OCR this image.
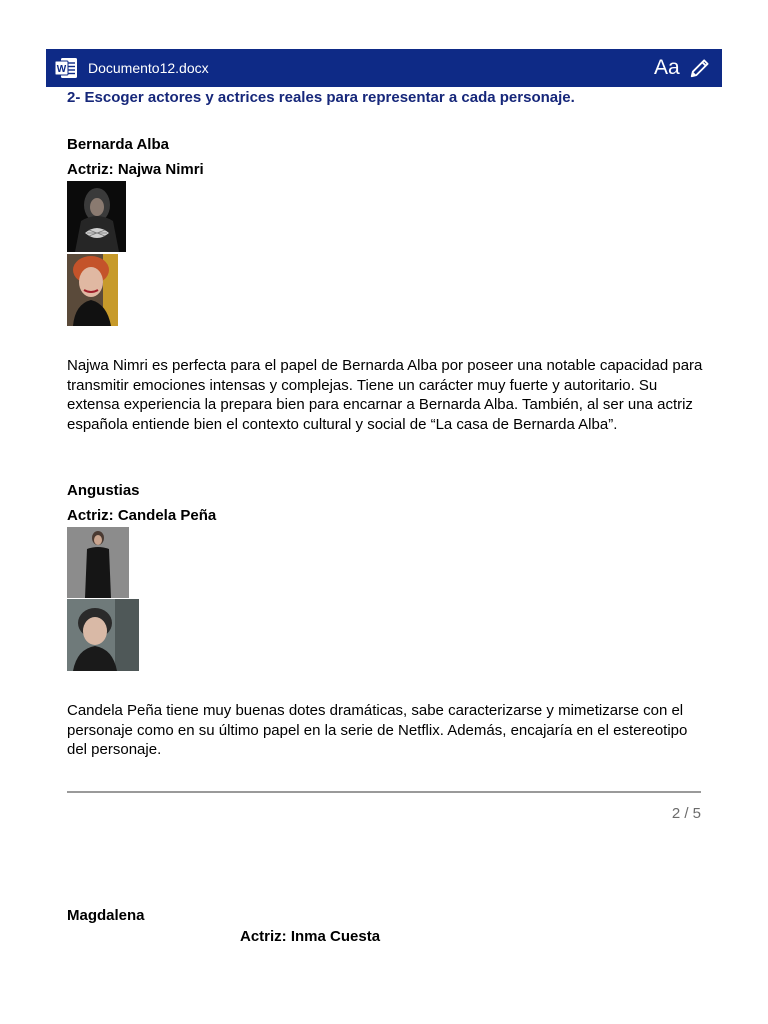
W Documento12.docx	Aa
2- Escoger actores y actrices reales para representar a cada personaje.
Bernarda Alba
Actriz: Najwa Nimri

Najwa Nimri es perfecta para el papel de Bernarda Alba por poseer una notable capacidad para transmitir emociones intensas y complejas. Tiene un carácter muy fuerte y autoritario. Su extensa experiencia la prepara bien para encarnar a Bernarda Alba. También, al ser una actriz española entiende bien el contexto cultural y social de “La casa de Bernarda Alba”.

Angustias
Actriz: Candela Peña

Candela Peña tiene muy buenas dotes dramáticas, sabe caracterizarse y mimetizarse con el personaje como en su último papel en la serie de Netflix. Además, encajaría en el estereotipo del personaje.

2 / 5
Magdalena
Actriz: Inma Cuesta
